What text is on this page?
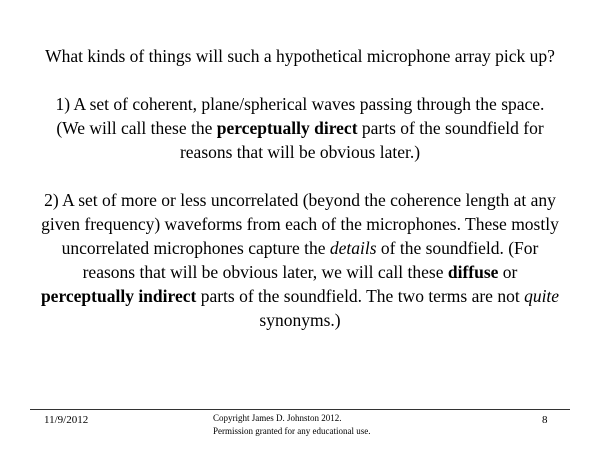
What kinds of things will such a hypothetical microphone array pick up?

1) A set of coherent, plane/spherical waves passing through the space. (We will call these the perceptually direct parts of the soundfield for reasons that will be obvious later.)

2) A set of more or less uncorrelated (beyond the coherence length at any given frequency) waveforms from each of the microphones. These mostly uncorrelated microphones capture the details of the soundfield. (For reasons that will be obvious later, we will call these diffuse or perceptually indirect parts of the soundfield. The two terms are not quite synonyms.)

11/9/2012	Copyright James D. Johnston 2012.
Permission granted for any educational use.
8
